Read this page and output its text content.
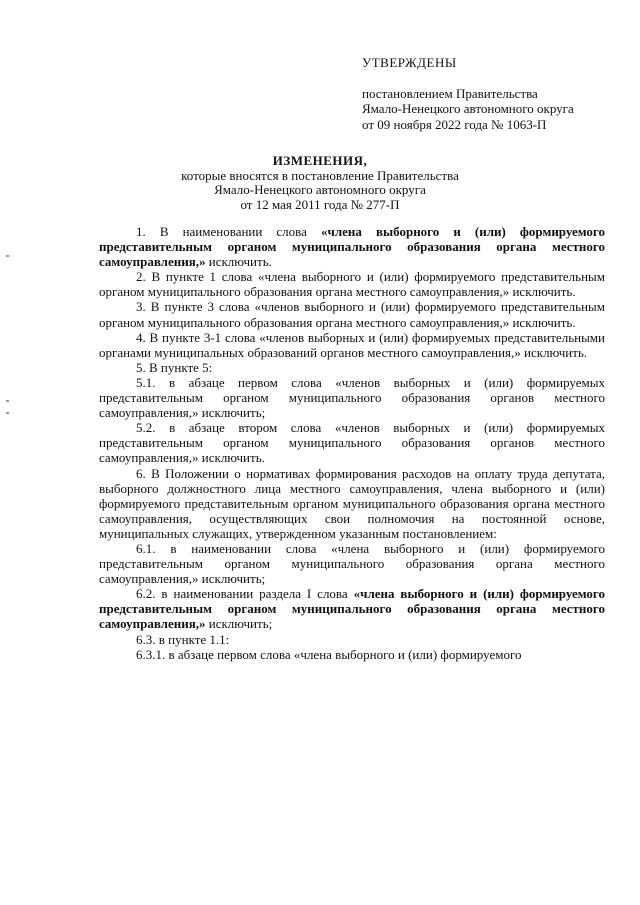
УТВЕРЖДЕНЫ
постановлением Правительства
Ямало-Ненецкого автономного округа
от 09 ноября 2022 года № 1063-П
ИЗМЕНЕНИЯ,
которые вносятся в постановление Правительства
Ямало-Ненецкого автономного округа
от 12 мая 2011 года № 277-П

1. В наименовании слова «члена выборного и (или) формируемого представительным органом муниципального образования органа местного самоуправления,» исключить.

2. В пункте 1 слова «члена выборного и (или) формируемого представительным органом муниципального образования органа местного самоуправления,» исключить.

3. В пункте 3 слова «членов выборного и (или) формируемого представительным органом муниципального образования органа местного самоуправления,» исключить.

4. В пункте 3-1 слова «членов выборных и (или) формируемых представительными органами муниципальных образований органов местного самоуправления,» исключить.

5. В пункте 5:

5.1. в абзаце первом слова «членов выборных и (или) формируемых представительным органом муниципального образования органов местного самоуправления,» исключить;

5.2. в абзаце втором слова «членов выборных и (или) формируемых представительным органом муниципального образования органов местного самоуправления,» исключить.

6. В Положении о нормативах формирования расходов на оплату труда депутата, выборного должностного лица местного самоуправления, члена выборного и (или) формируемого представительным органом муниципального образования органа местного самоуправления, осуществляющих свои полномочия на постоянной основе, муниципальных служащих, утвержденном указанным постановлением:

6.1. в наименовании слова «члена выборного и (или) формируемого представительным органом муниципального образования органа местного самоуправления,» исключить;

6.2. в наименовании раздела I слова «члена выборного и (или) формируемого представительным органом муниципального образования органа местного самоуправления,» исключить;

6.3. в пункте 1.1:

6.3.1. в абзаце первом слова «члена выборного и (или) формируемого
